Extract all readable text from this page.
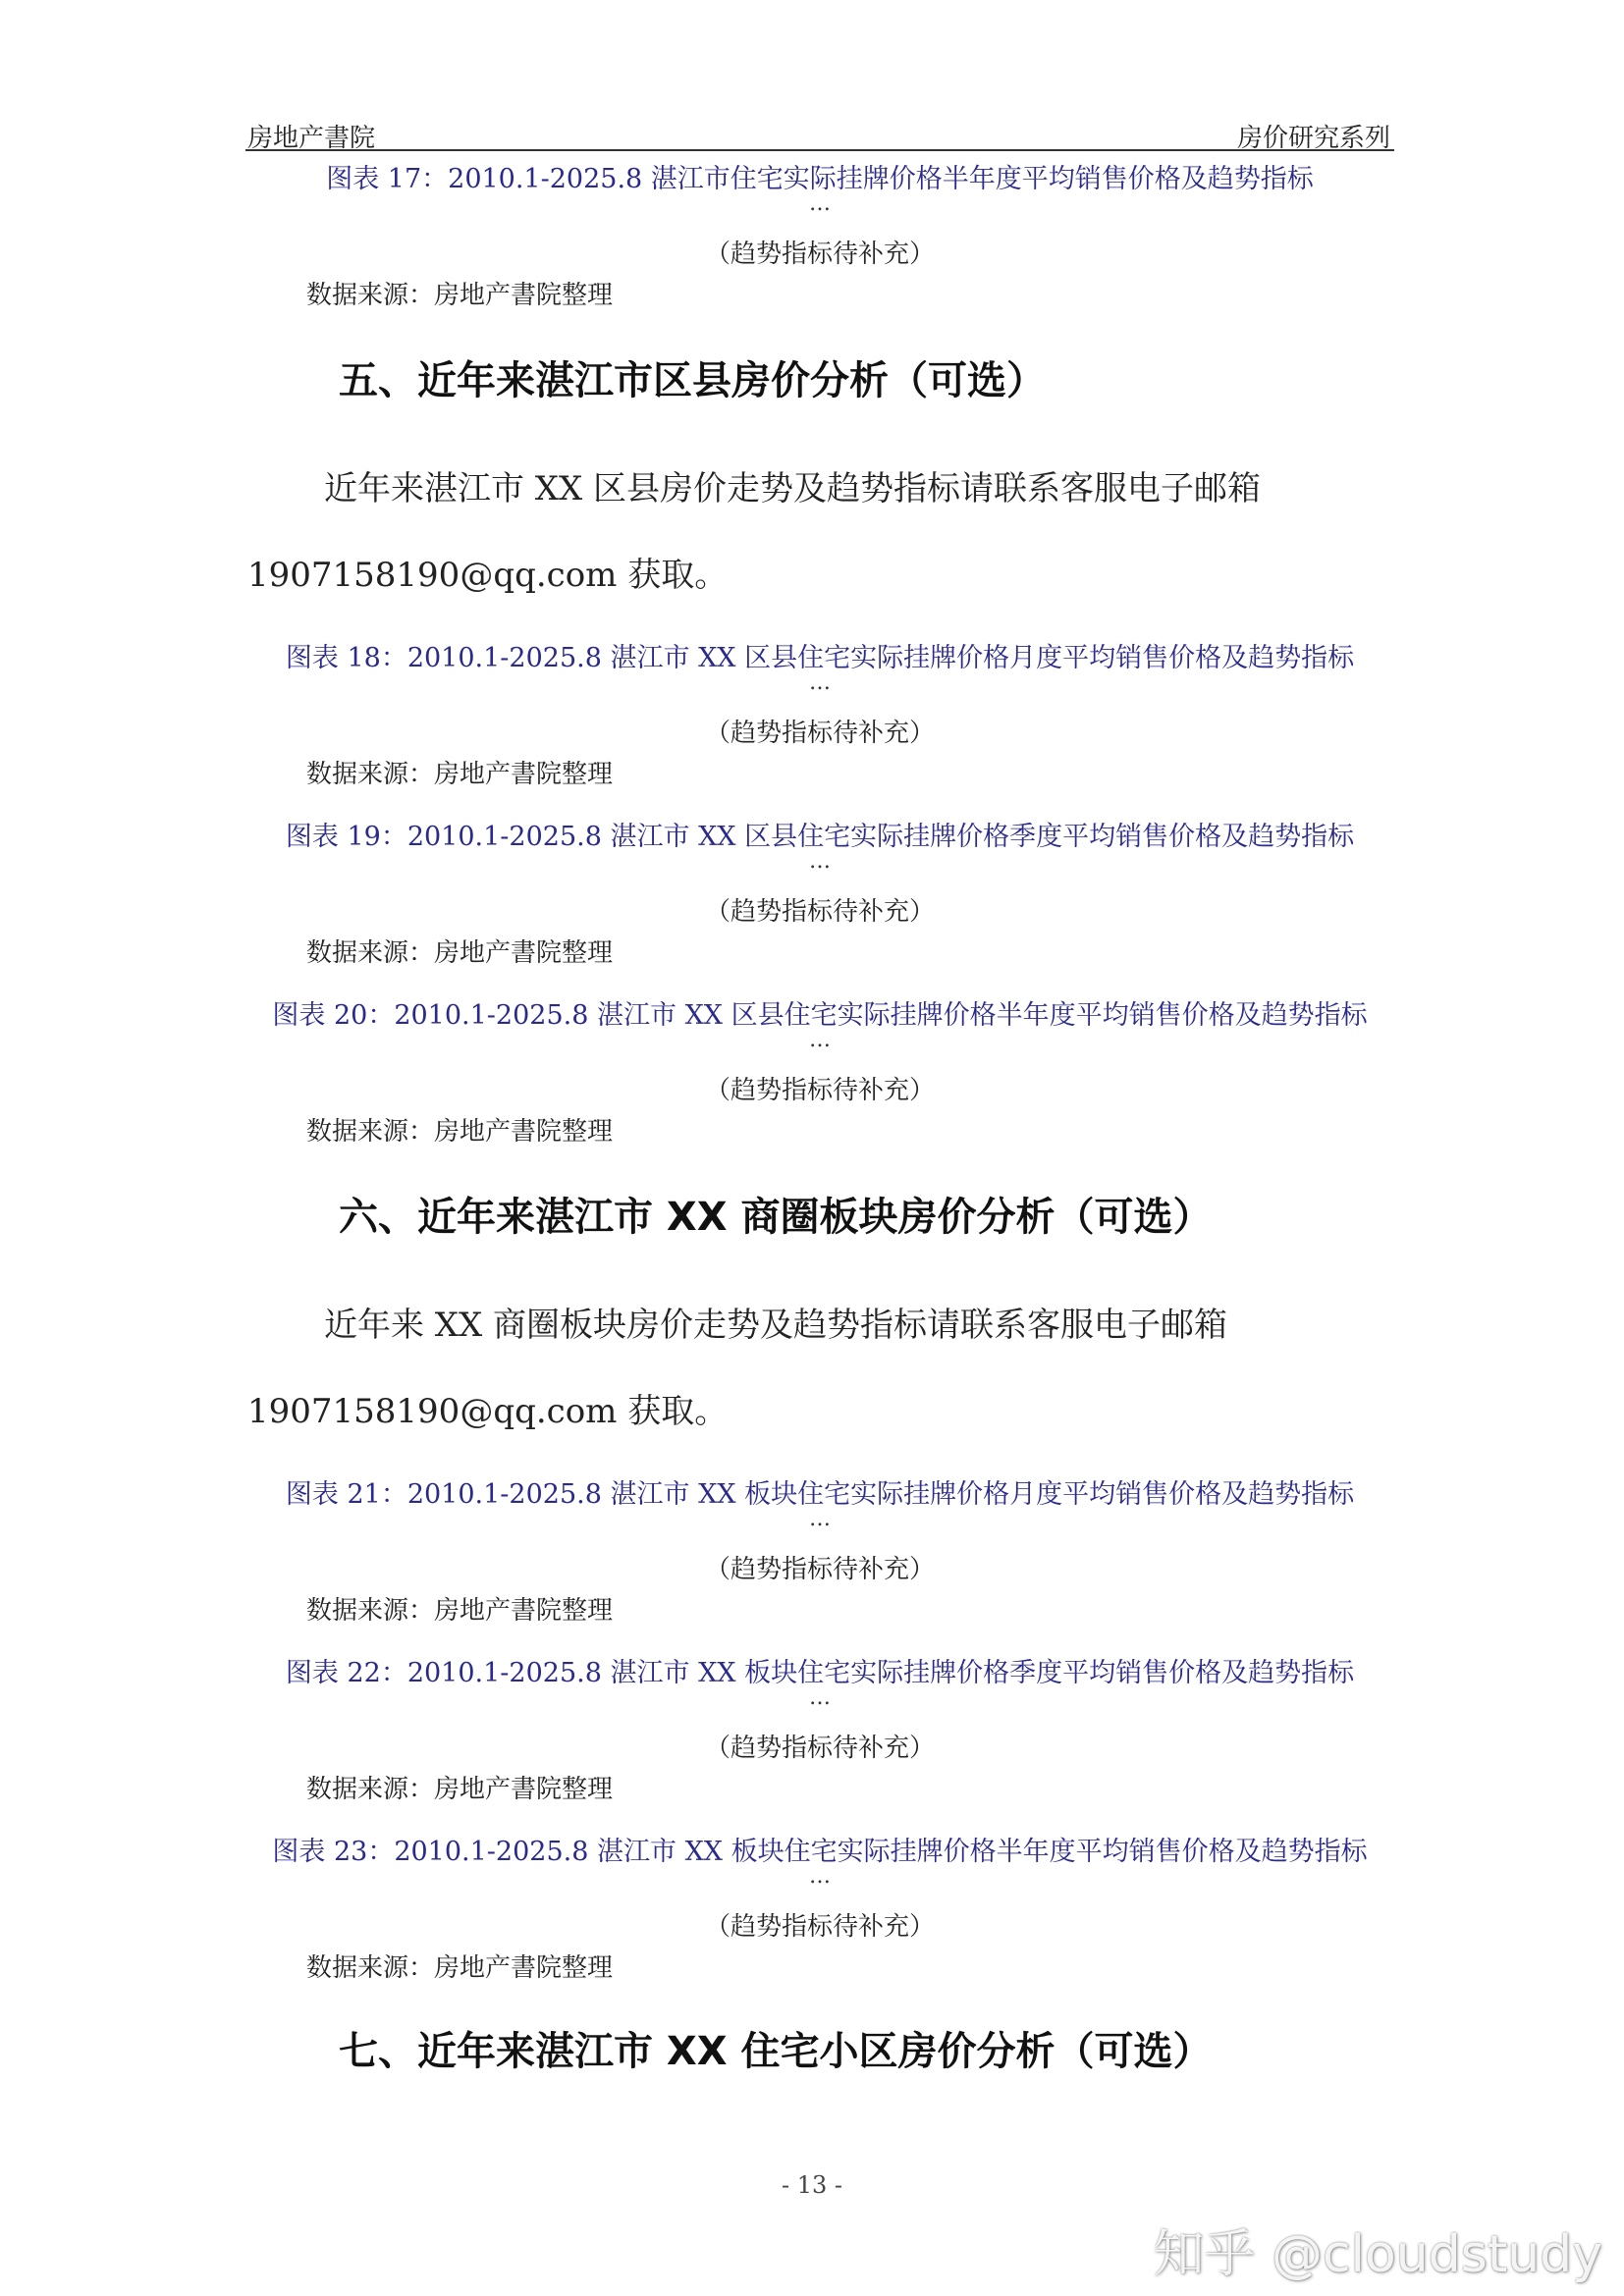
房地产書院	房价研究系列
图表 17：2010.1-2025.8 湛江市住宅实际挂牌价格半年度平均销售价格及趋势指标
…
（趋势指标待补充）
数据来源：房地产書院整理
五、近年来湛江市区县房价分析（可选）
近年来湛江市 XX 区县房价走势及趋势指标请联系客服电子邮箱
1907158190@qq.com 获取。
图表 18：2010.1-2025.8 湛江市 XX 区县住宅实际挂牌价格月度平均销售价格及趋势指标
…
（趋势指标待补充）
数据来源：房地产書院整理
图表 19：2010.1-2025.8 湛江市 XX 区县住宅实际挂牌价格季度平均销售价格及趋势指标
…
（趋势指标待补充）
数据来源：房地产書院整理
图表 20：2010.1-2025.8 湛江市 XX 区县住宅实际挂牌价格半年度平均销售价格及趋势指标
…
（趋势指标待补充）
数据来源：房地产書院整理
六、近年来湛江市 XX 商圈板块房价分析（可选）
近年来 XX 商圈板块房价走势及趋势指标请联系客服电子邮箱
1907158190@qq.com 获取。
图表 21：2010.1-2025.8 湛江市 XX 板块住宅实际挂牌价格月度平均销售价格及趋势指标
…
（趋势指标待补充）
数据来源：房地产書院整理
图表 22：2010.1-2025.8 湛江市 XX 板块住宅实际挂牌价格季度平均销售价格及趋势指标
…
（趋势指标待补充）
数据来源：房地产書院整理
图表 23：2010.1-2025.8 湛江市 XX 板块住宅实际挂牌价格半年度平均销售价格及趋势指标
…
（趋势指标待补充）
数据来源：房地产書院整理
七、近年来湛江市 XX 住宅小区房价分析（可选）
- 13 -
知乎 @cloudstudy
